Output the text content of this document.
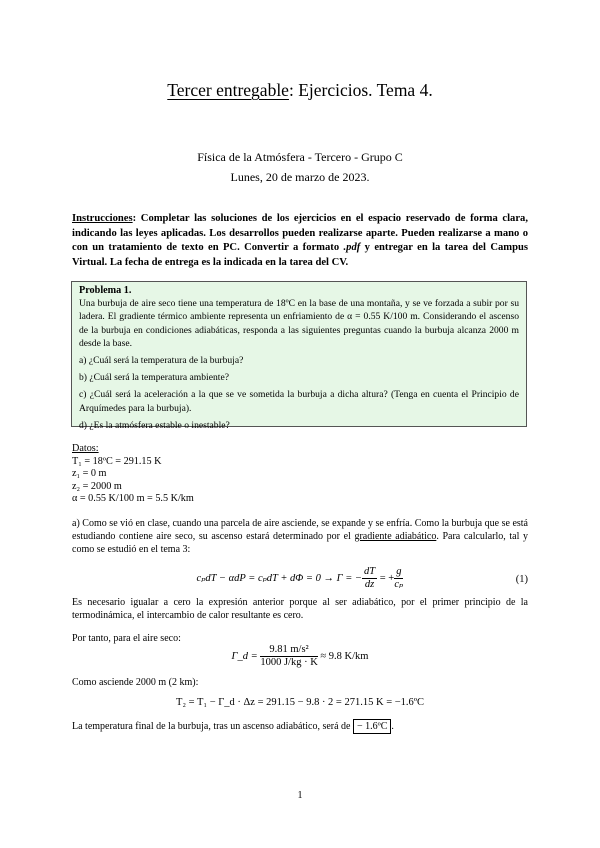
Tercer entregable: Ejercicios. Tema 4.
Física de la Atmósfera - Tercero - Grupo C
Lunes, 20 de marzo de 2023.
Instrucciones: Completar las soluciones de los ejercicios en el espacio reservado de forma clara, indicando las leyes aplicadas. Los desarrollos pueden realizarse aparte. Pueden realizarse a mano o con un tratamiento de texto en PC. Convertir a formato .pdf y entregar en la tarea del Campus Virtual. La fecha de entrega es la indicada en la tarea del CV.
Problema 1.

Una burbuja de aire seco tiene una temperatura de 18ºC en la base de una montaña, y se ve forzada a subir por su ladera. El gradiente térmico ambiente representa un enfriamiento de α = 0.55 K/100 m. Considerando el ascenso de la burbuja en condiciones adiabáticas, responda a las siguientes preguntas cuando la burbuja alcanza 2000 m desde la base.

a) ¿Cuál será la temperatura de la burbuja?

b) ¿Cuál será la temperatura ambiente?

c) ¿Cuál será la aceleración a la que se ve sometida la burbuja a dicha altura? (Tenga en cuenta el Principio de Arquímedes para la burbuja).

d) ¿Es la atmósfera estable o inestable?

Datos:
T₁ = 18ºC = 291.15 K
z₁ = 0 m
z₂ = 2000 m
α = 0.55 K/100 m = 5.5 K/km
a) Como se vió en clase, cuando una parcela de aire asciende, se expande y se enfría. Como la burbuja que se está estudiando contiene aire seco, su ascenso estará determinado por el gradiente adiabático. Para calcularlo, tal y como se estudió en el tema 3:
cₚdT − αdP = cₚdT + dΦ = 0 → Γ = − $\frac{dT}{dz}$ = + $\frac{g}{\text{cₚ}}$	(1)
Es necesario igualar a cero la expresión anterior porque al ser adiabático, por el primer principio de la termodinámica, el intercambio de calor resultante es cero.
Por tanto, para el aire seco:
Γ_d = $\frac{\text{9.81 m/s²}}{1000 J/kg \cdot K} \approx 9.8$ K/km
Como asciende 2000 m (2 km):
T₂ = T₁ − Γ_d · Δz = 291.15 − 9.8 · 2 = 271.15 K = −1.6ºC
La temperatura final de la burbuja, tras un ascenso adiabático, será de − 1.6ºC .
1
